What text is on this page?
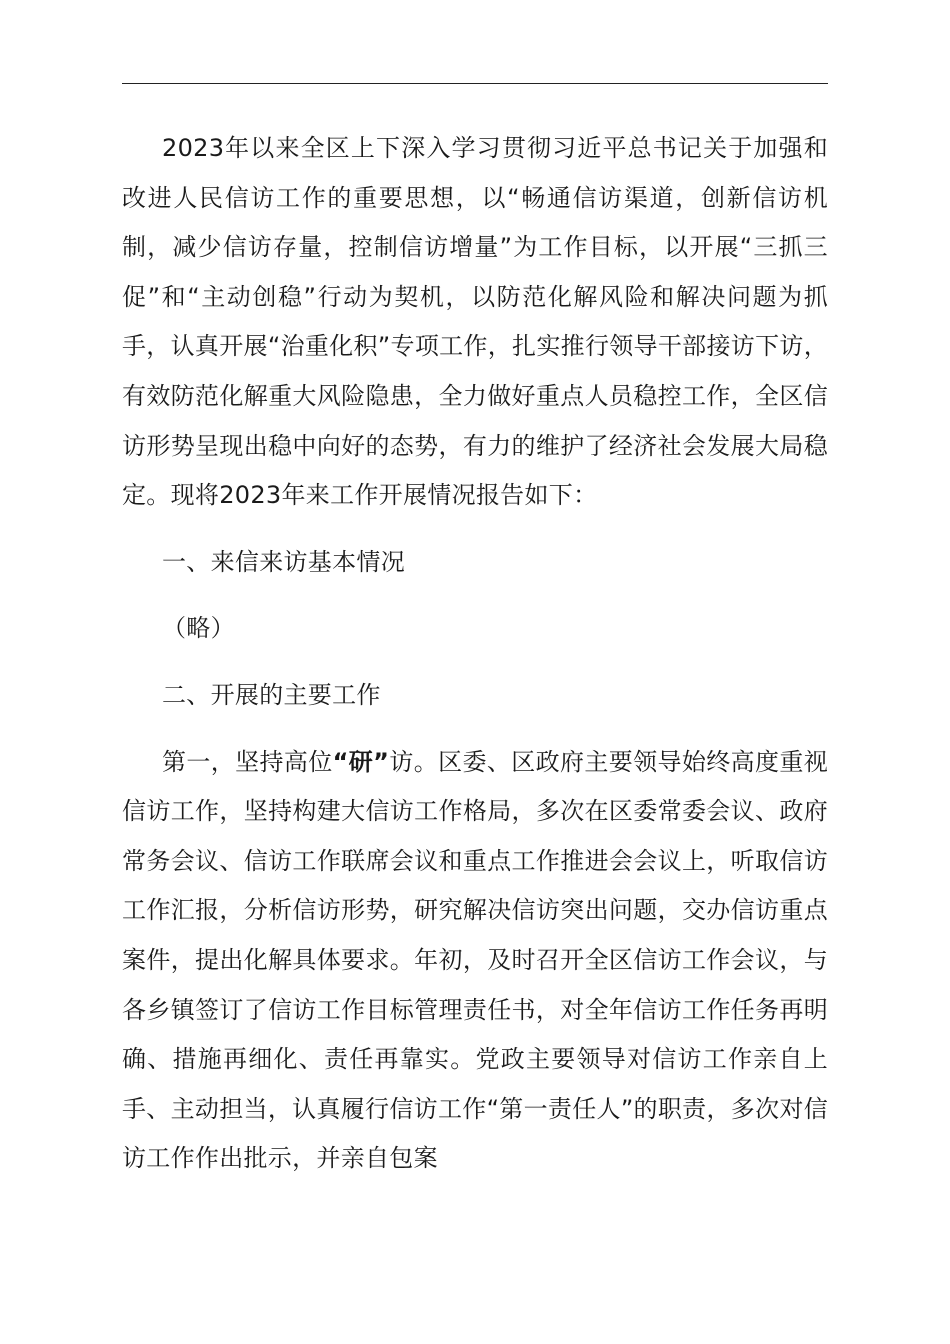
2023年以来全区上下深入学习贯彻习近平总书记关于加强和改进人民信访工作的重要思想，以“畅通信访渠道，创新信访机制，减少信访存量，控制信访增量”为工作目标，以开展“三抓三促”和“主动创稳”行动为契机，以防范化解风险和解决问题为抓手，认真开展“治重化积”专项工作，扎实推行领导干部接访下访，有效防范化解重大风险隐患，全力做好重点人员稳控工作，全区信访形势呈现出稳中向好的态势，有力的维护了经济社会发展大局稳定。现将2023年来工作开展情况报告如下：

一、来信来访基本情况

（略）

二、开展的主要工作

第一，坚持高位“研”访。区委、区政府主要领导始终高度重视信访工作，坚持构建大信访工作格局，多次在区委常委会议、政府常务会议、信访工作联席会议和重点工作推进会会议上，听取信访工作汇报，分析信访形势，研究解决信访突出问题，交办信访重点案件，提出化解具体要求。年初，及时召开全区信访工作会议，与各乡镇签订了信访工作目标管理责任书，对全年信访工作任务再明确、措施再细化、责任再靠实。党政主要领导对信访工作亲自上手、主动担当，认真履行信访工作“第一责任人”的职责，多次对信访工作作出批示，并亲自包案
